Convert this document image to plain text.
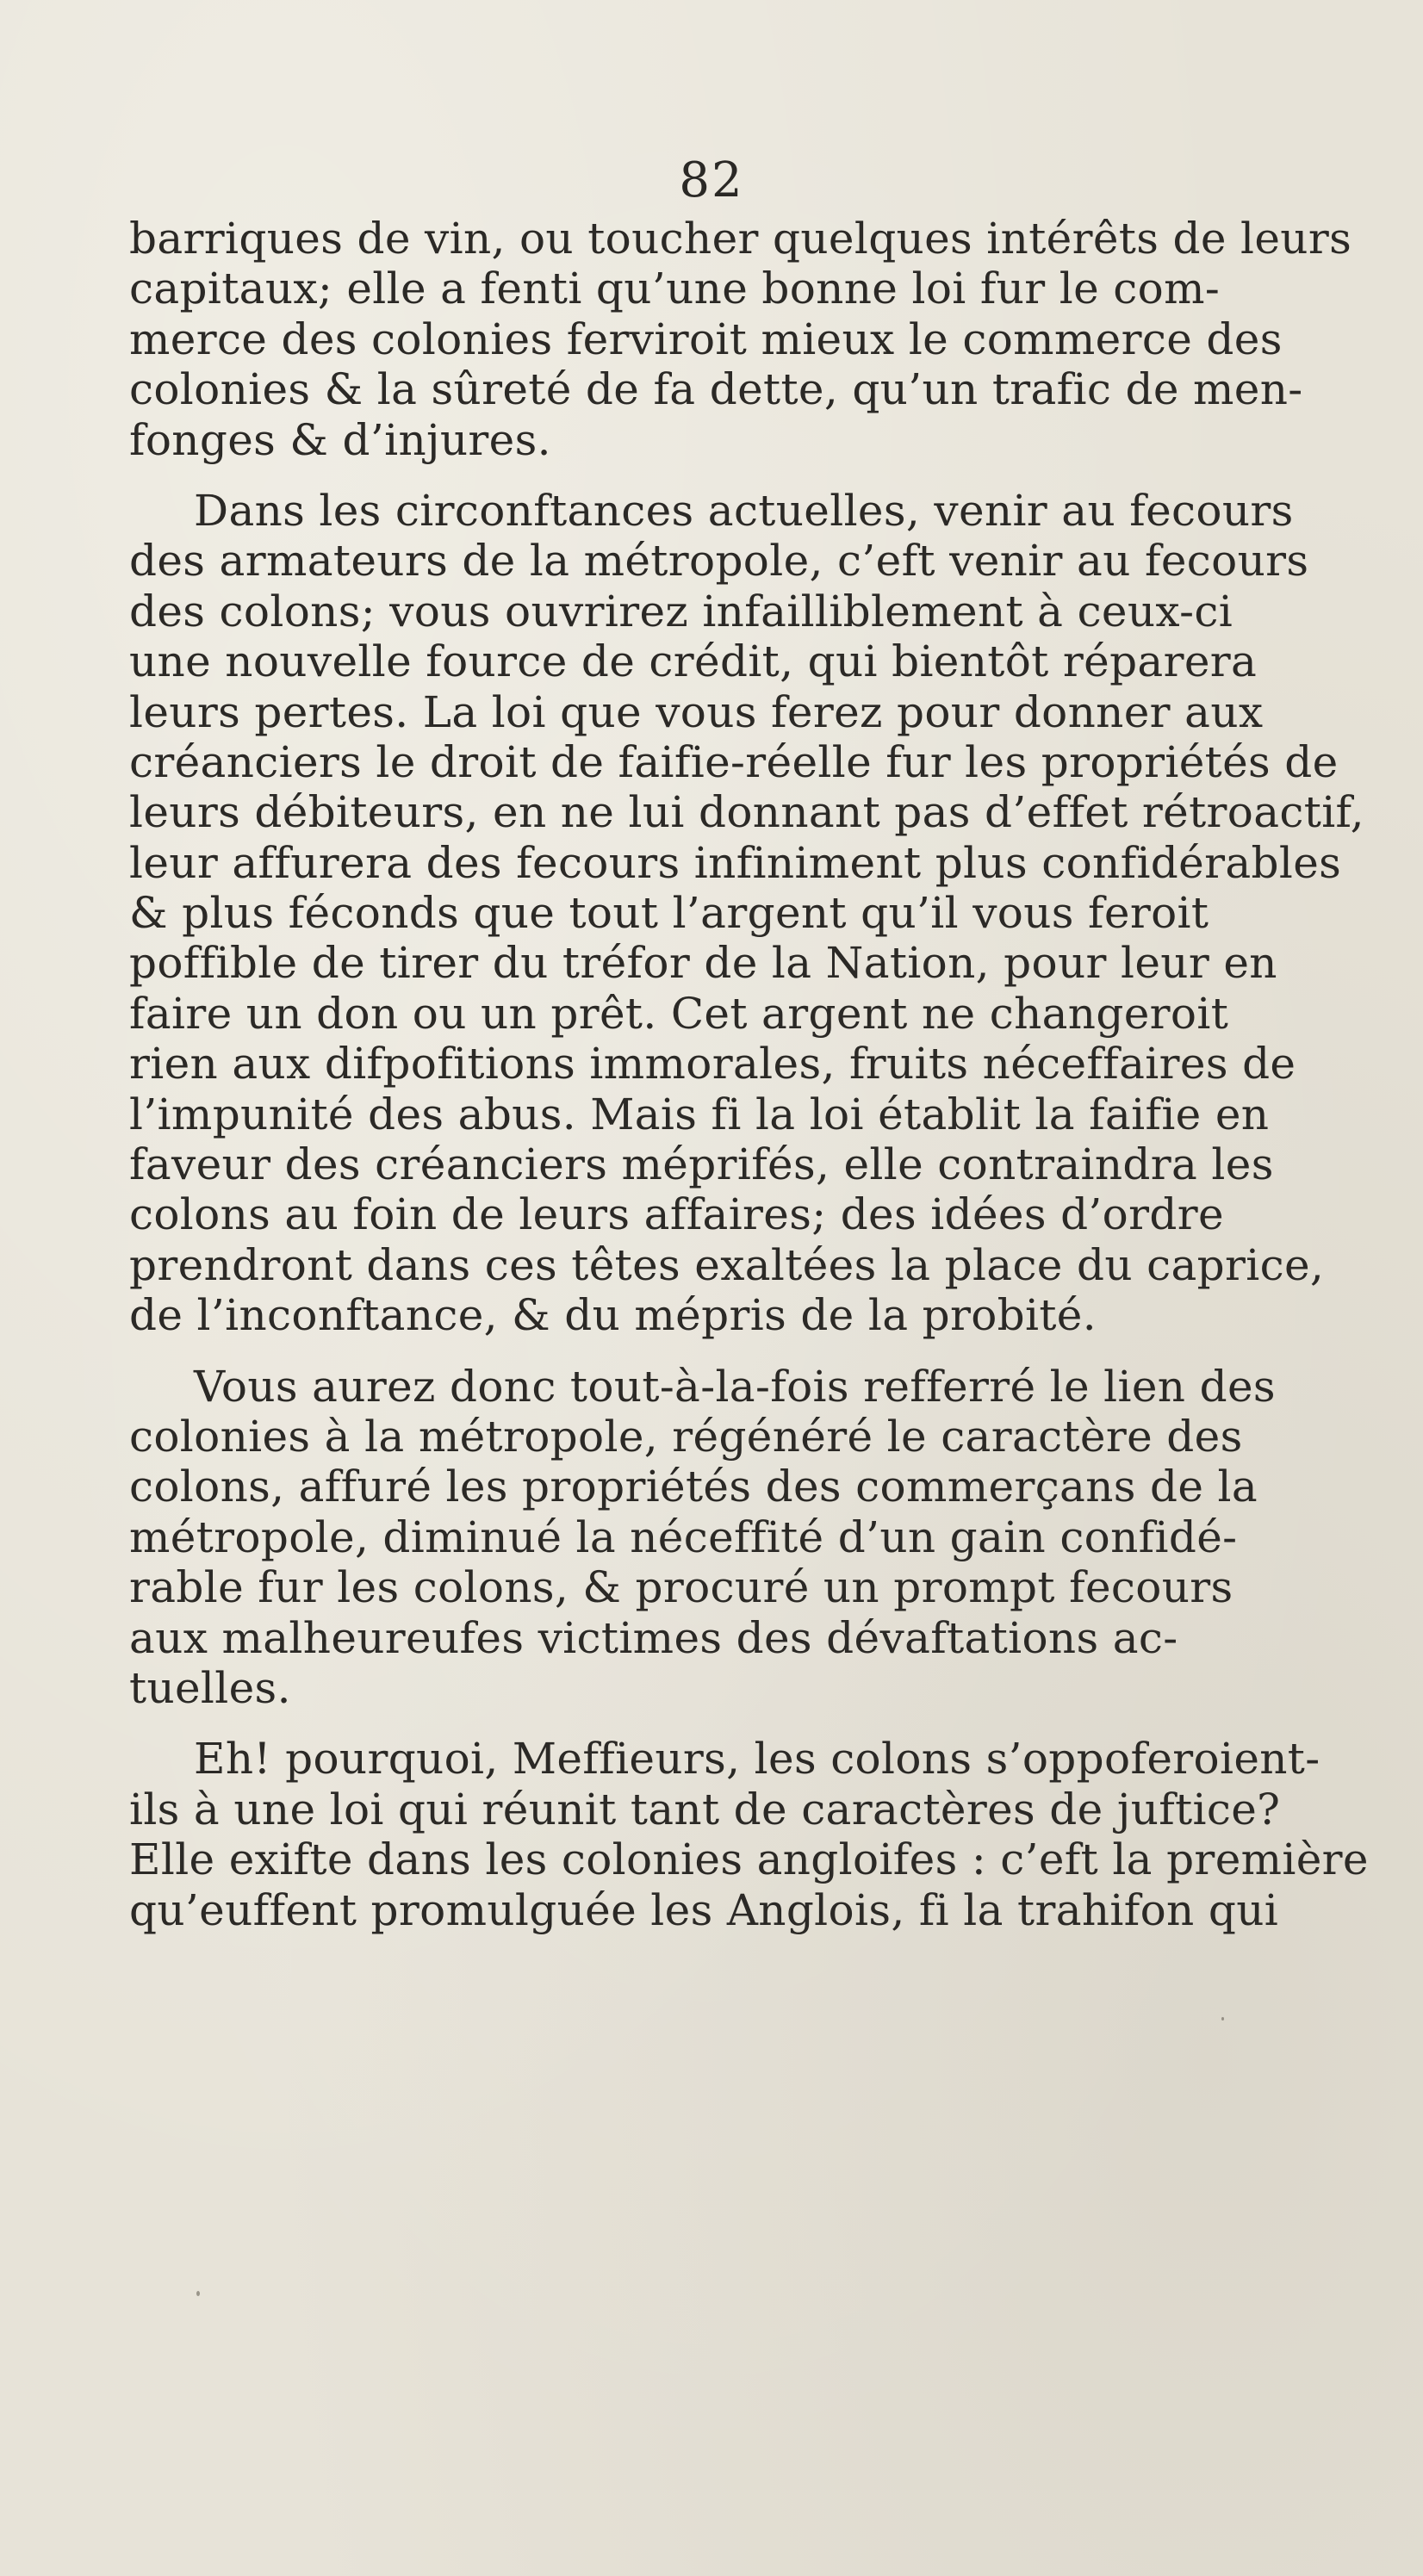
82
barriques de vin, ou toucher quelques intérêts de leurs
capitaux; elle a fenti qu’une bonne loi fur le com-
merce des colonies ferviroit mieux le commerce des
colonies & la sûreté de fa dette, qu’un trafic de men-
fonges & d’injures.
Dans les circonftances actuelles, venir au fecours
des armateurs de la métropole, c’eft venir au fecours
des colons; vous ouvrirez infailliblement à ceux-ci
une nouvelle fource de crédit, qui bientôt réparera
leurs pertes. La loi que vous ferez pour donner aux
créanciers le droit de faifie-réelle fur les propriétés de
leurs débiteurs, en ne lui donnant pas d’effet rétroactif,
leur affurera des fecours infiniment plus confidérables
& plus féconds que tout l’argent qu’il vous feroit
poffible de tirer du tréfor de la Nation, pour leur en
faire un don ou un prêt. Cet argent ne changeroit
rien aux difpofitions immorales, fruits néceffaires de
l’impunité des abus. Mais fi la loi établit la faifie en
faveur des créanciers méprifés, elle contraindra les
colons au foin de leurs affaires; des idées d’ordre
prendront dans ces têtes exaltées la place du caprice,
de l’inconftance, & du mépris de la probité.
Vous aurez donc tout-à-la-fois refferré le lien des
colonies à la métropole, régénéré le caractère des
colons, affuré les propriétés des commerçans de la
métropole, diminué la néceffité d’un gain confidé-
rable fur les colons, & procuré un prompt fecours
aux malheureufes victimes des dévaftations ac-
tuelles.
Eh! pourquoi, Meffieurs, les colons s’oppoferoient-
ils à une loi qui réunit tant de caractères de juftice?
Elle exifte dans les colonies angloifes : c’eft la première
qu’euffent promulguée les Anglois, fi la trahifon qui
